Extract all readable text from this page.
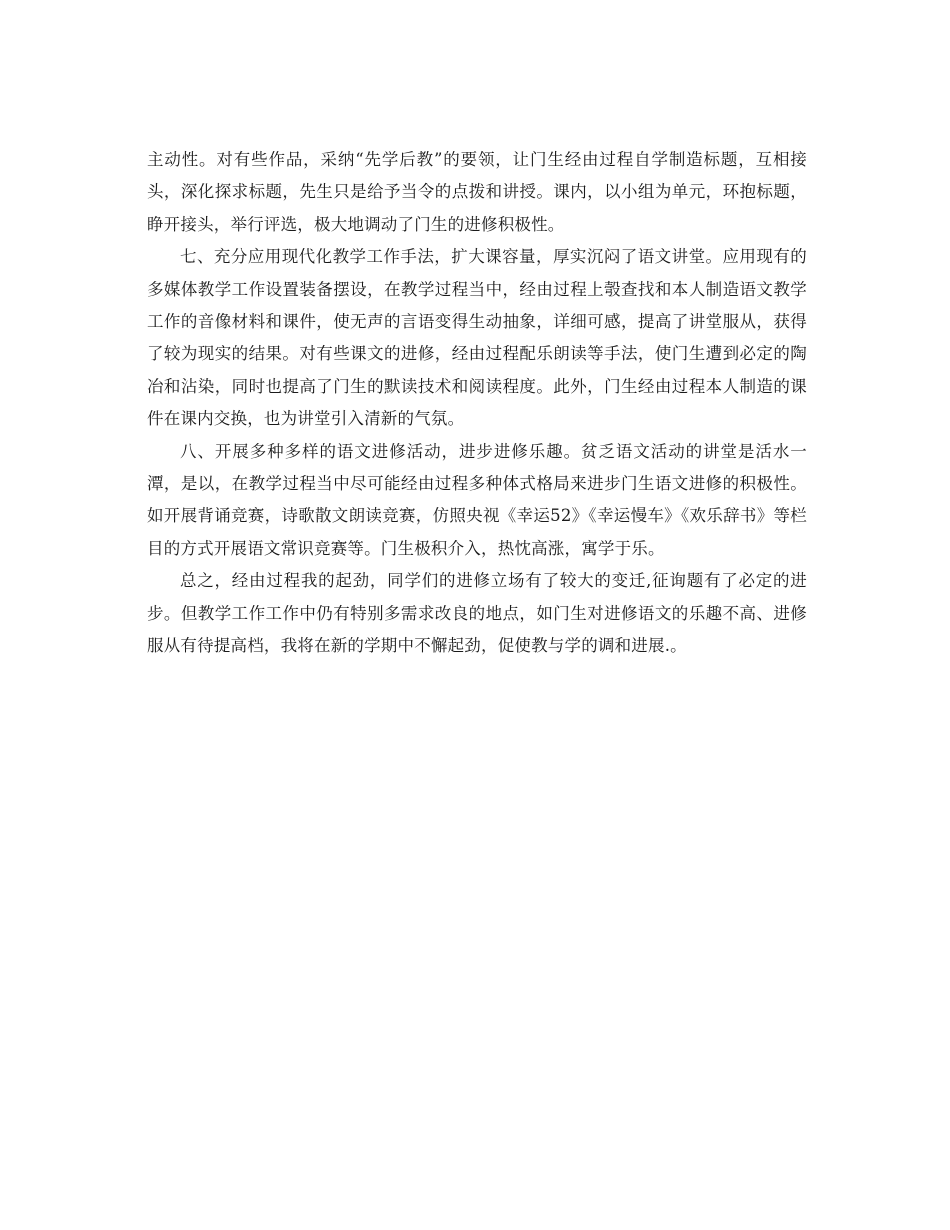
主动性。对有些作品，采纳“先学后教”的要领，让门生经由过程自学制造标题，互相接头，深化探求标题，先生只是给予当令的点拨和讲授。课内，以小组为单元，环抱标题，睁开接头，举行评选，极大地调动了门生的进修积极性。

七、充分应用现代化教学工作手法，扩大课容量，厚实沉闷了语文讲堂。应用现有的多媒体教学工作设置装备摆设，在教学过程当中，经由过程上彀查找和本人制造语文教学工作的音像材料和课件，使无声的言语变得生动抽象，详细可感，提高了讲堂服从，获得了较为现实的结果。对有些课文的进修，经由过程配乐朗读等手法，使门生遭到必定的陶冶和沾染，同时也提高了门生的默读技术和阅读程度。此外，门生经由过程本人制造的课件在课内交换，也为讲堂引入清新的气氛。

八、开展多种多样的语文进修活动，进步进修乐趣。贫乏语文活动的讲堂是活水一潭，是以，在教学过程当中尽可能经由过程多种体式格局来进步门生语文进修的积极性。如开展背诵竞赛，诗歌散文朗读竞赛，仿照央视《幸运52》《幸运慢车》《欢乐辞书》等栏目的方式开展语文常识竞赛等。门生极积介入，热忱高涨，寓学于乐。

总之，经由过程我的起劲，同学们的进修立场有了较大的变迁,征询题有了必定的进步。但教学工作工作中仍有特别多需求改良的地点，如门生对进修语文的乐趣不高、进修服从有待提高档，我将在新的学期中不懈起劲，促使教与学的调和进展.。
